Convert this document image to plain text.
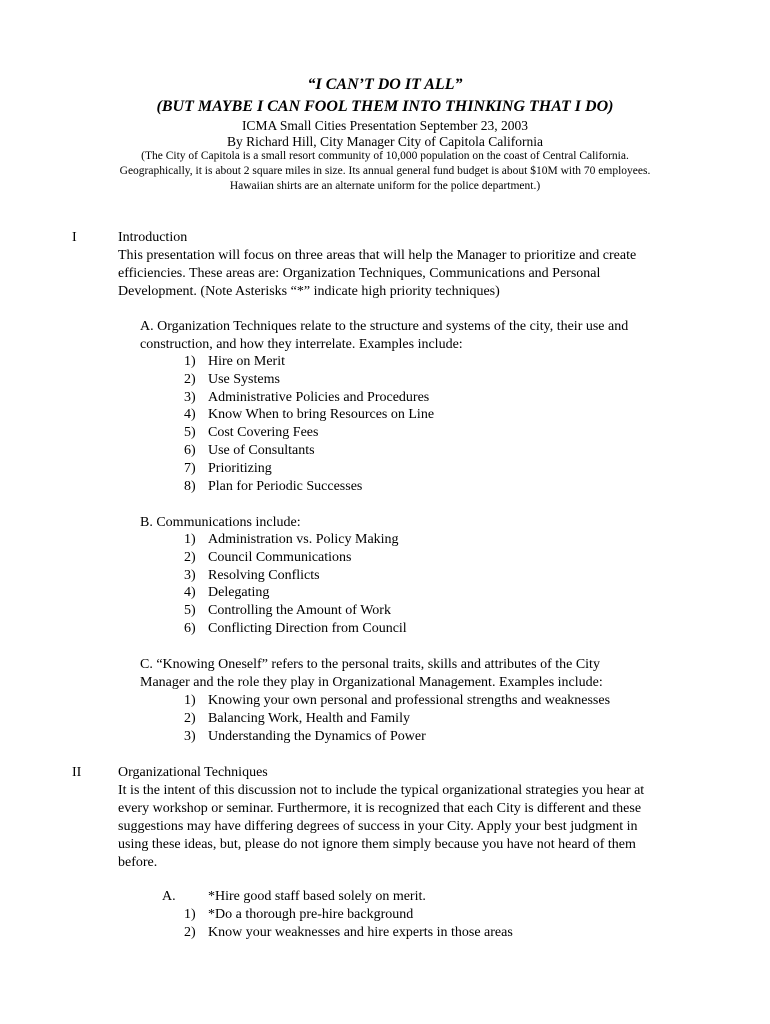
“I CAN’T DO IT ALL”
(BUT MAYBE I CAN FOOL THEM INTO THINKING THAT I DO)
ICMA Small Cities Presentation September 23, 2003
By Richard Hill, City Manager City of Capitola California
(The City of Capitola is a small resort community of 10,000 population on the coast of Central California.
Geographically, it is about 2 square miles in size. Its annual general fund budget is about $10M with 70 employees.
Hawaiian shirts are an alternate uniform for the police department.)
I	Introduction
This presentation will focus on three areas that will help the Manager to prioritize and create
efficiencies. These areas are: Organization Techniques, Communications and Personal
Development. (Note Asterisks “*” indicate high priority techniques)
A. Organization Techniques relate to the structure and systems of the city, their use and
construction, and how they interrelate. Examples include:
1) Hire on Merit
2) Use Systems
3) Administrative Policies and Procedures
4) Know When to bring Resources on Line
5) Cost Covering Fees
6) Use of Consultants
7) Prioritizing
8) Plan for Periodic Successes
B. Communications include:
1) Administration vs. Policy Making
2) Council Communications
3) Resolving Conflicts
4) Delegating
5) Controlling the Amount of Work
6) Conflicting Direction from Council
C. “Knowing Oneself” refers to the personal traits, skills and attributes of the City
Manager and the role they play in Organizational Management. Examples include:
1) Knowing your own personal and professional strengths and weaknesses
2) Balancing Work, Health and Family
3) Understanding the Dynamics of Power
II	Organizational Techniques
It is the intent of this discussion not to include the typical organizational strategies you hear at
every workshop or seminar. Furthermore, it is recognized that each City is different and these
suggestions may have differing degrees of success in your City. Apply your best judgment in
using these ideas, but, please do not ignore them simply because you have not heard of them
before.
A. *Hire good staff based solely on merit.
1) *Do a thorough pre-hire background
2) Know your weaknesses and hire experts in those areas
